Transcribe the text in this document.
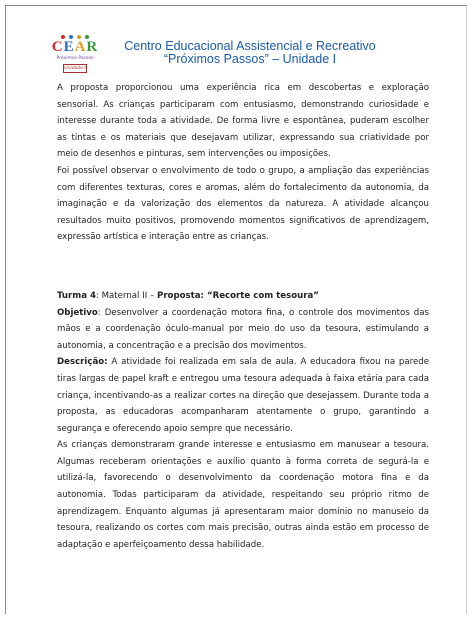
CEAR
Próximos Passos
Unidade I
Centro Educacional Assistencial e Recreativo
“Próximos Passos” – Unidade I

A proposta proporcionou uma experiência rica em descobertas e exploração sensorial. As crianças participaram com entusiasmo, demonstrando curiosidade e interesse durante toda a atividade. De forma livre e espontânea, puderam escolher as tintas e os materiais que desejavam utilizar, expressando sua criatividade por meio de desenhos e pinturas, sem intervenções ou imposições.

Foi possível observar o envolvimento de todo o grupo, a ampliação das experiências com diferentes texturas, cores e aromas, além do fortalecimento da autonomia, da imaginação e da valorização dos elementos da natureza. A atividade alcançou resultados muito positivos, promovendo momentos significativos de aprendizagem, expressão artística e interação entre as crianças.

Turma 4: Maternal II – Proposta: “Recorte com tesoura”

Objetivo: Desenvolver a coordenação motora fina, o controle dos movimentos das mãos e a coordenação óculo-manual por meio do uso da tesoura, estimulando a autonomia, a concentração e a precisão dos movimentos.

Descrição: A atividade foi realizada em sala de aula. A educadora fixou na parede tiras largas de papel kraft e entregou uma tesoura adequada à faixa etária para cada criança, incentivando-as a realizar cortes na direção que desejassem. Durante toda a proposta, as educadoras acompanharam atentamente o grupo, garantindo a segurança e oferecendo apoio sempre que necessário.

As crianças demonstraram grande interesse e entusiasmo em manusear a tesoura. Algumas receberam orientações e auxílio quanto à forma correta de segurá-la e utilizá-la, favorecendo o desenvolvimento da coordenação motora fina e da autonomia. Todas participaram da atividade, respeitando seu próprio ritmo de aprendizagem. Enquanto algumas já apresentaram maior domínio no manuseio da tesoura, realizando os cortes com mais precisão, outras ainda estão em processo de adaptação e aperfeiçoamento dessa habilidade.
